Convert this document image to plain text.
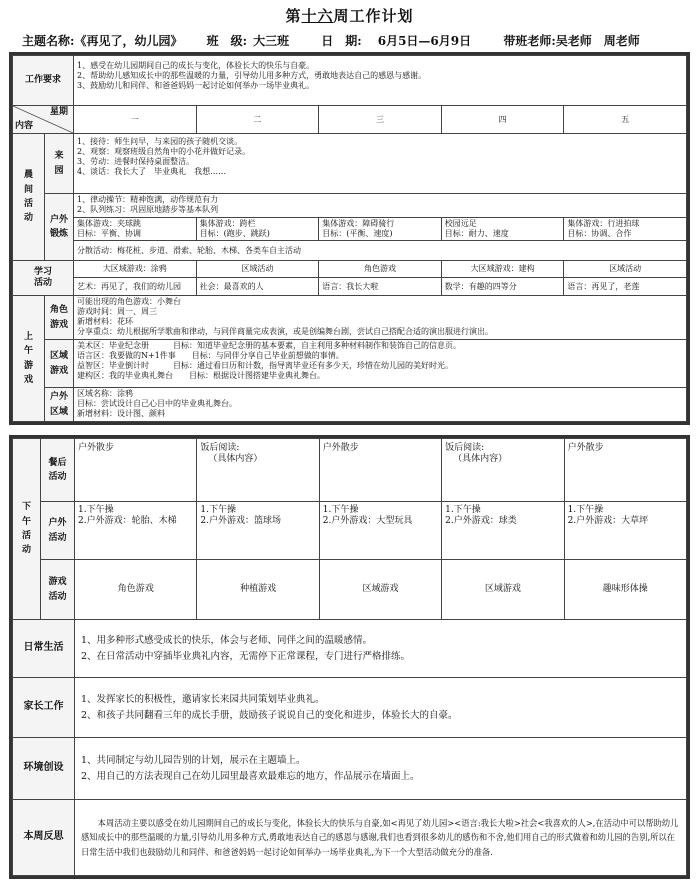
第十六周工作计划
主题名称:《再见了，幼儿园》 班　级: 大三班	日　期: 6月5日—6月9日	带班老师:吴老师　周老师
工作要求		1、感受在幼儿园期间自己的成长与变化，体验长大的快乐与自豪。
2、帮助幼儿感知成长中的那些温暖的力量，引导幼儿用多种方式，勇敢地表达自己的感恩与感谢。
3、鼓励幼儿和同伴、和爸爸妈妈一起讨论如何举办一场毕业典礼。				

星期
内容		一	二	三	四	五

晨间活动	来园	1、接待：师生问早，与来园的孩子随机交谈。
2、观察：观察班级自然角中的小花并做好记录。
3、劳动：进餐时保持桌面整洁。
4、谈话：我长大了　毕业典礼　我想……				

	户外锻炼	1、律动操节：精神饱满，动作规范有力
2、队列练习：巩固原地踏步等基本队列				

		集体游戏：夹球跳
目标：平衡、协调	集体游戏：跨栏
目标：(跑步、跳跃)	集体游戏：障碍骑行
目标：(平衡、速度)	校园远足
目标：耐力、速度	集体游戏：行进拍球
目标：协调、合作

		分散活动：梅花桩、步道、滑索、轮胎、木梯、各类车自主活动				

学习活动		大区域游戏：涂鸦	区域活动	角色游戏	大区域游戏：建构	区域活动
		艺术：再见了，我们的幼儿园	社会：最喜欢的人	语言：我长大啦	数学：有趣的四等分	语言：再见了，老莲

上午游戏	角色游戏	可能出现的角色游戏：小舞台
游戏时间：周一、周三
新增材料：花环
分享重点：幼儿根据所学歌曲和律动，与同伴商量完成表演，或是创编舞台剧，尝试自己搭配合适的演出服进行演出。				

	区域游戏	美术区：毕业纪念册　　　目标：知道毕业纪念册的基本要素，自主利用多种材料制作和装饰自己的信息页。
语言区：我要做的N+1件事　　目标：与同伴分享自己毕业前想做的事情。
益智区：毕业倒计时　　　目标：通过看日历和计数，指导离毕业还有多少天，珍惜在幼儿园的美好时光。
建构区：我的毕业典礼舞台　　目标：根据设计图搭建毕业典礼舞台。				

	户外区域	区域名称：涂鸦
目标：尝试设计自己心目中的毕业典礼舞台。
新增材料：设计图、颜料				
下午活动	餐后活动	户外散步	饭后阅读:
（具体内容）	户外散步	饭后阅读:
（具体内容）	户外散步

	户外活动	1.下午操
2.户外游戏：轮胎、木梯	1.下午操
2.户外游戏：篮球场	1.下午操
2.户外游戏：大型玩具	1.下午操
2.户外游戏：球类	1.下午操
2.户外游戏：大草坪

	游戏活动	角色游戏	种植游戏	区域游戏	区域游戏	趣味形体操
日常生活		1、用多种形式感受成长的快乐，体会与老师、同伴之间的温暖感情。
2、在日常活动中穿插毕业典礼内容，无需停下正常课程，专门进行严格排练。				

家长工作		1、发挥家长的积极性，邀请家长来园共同策划毕业典礼。
2、和孩子共同翻看三年的成长手册，鼓励孩子说说自己的变化和进步，体验长大的自豪。				

环境创设		1、共同制定与幼儿园告别的计划，展示在主题墙上。
2、用自己的方法表现自己在幼儿园里最喜欢最难忘的地方，作品展示在墙面上。				

本周反思		　　本周活动主要以感受在幼儿园期间自己的成长与变化，体验长大的快乐与自豪,如<再见了幼儿园><语言:我长大啦>社会<我喜欢的人>,在活动中可以帮助幼儿感知成长中的那些温暖的力量,引导幼儿用多种方式,勇敢地表达自己的感恩与感谢,我们也看到很多幼儿的感伤和不舍,他们用自己的形式做着和幼儿园的告别,所以在日常生活中我们也鼓励幼儿和同伴、和爸爸妈妈一起讨论如何举办一场毕业典礼,为下一个大型活动做充分的准备.				
